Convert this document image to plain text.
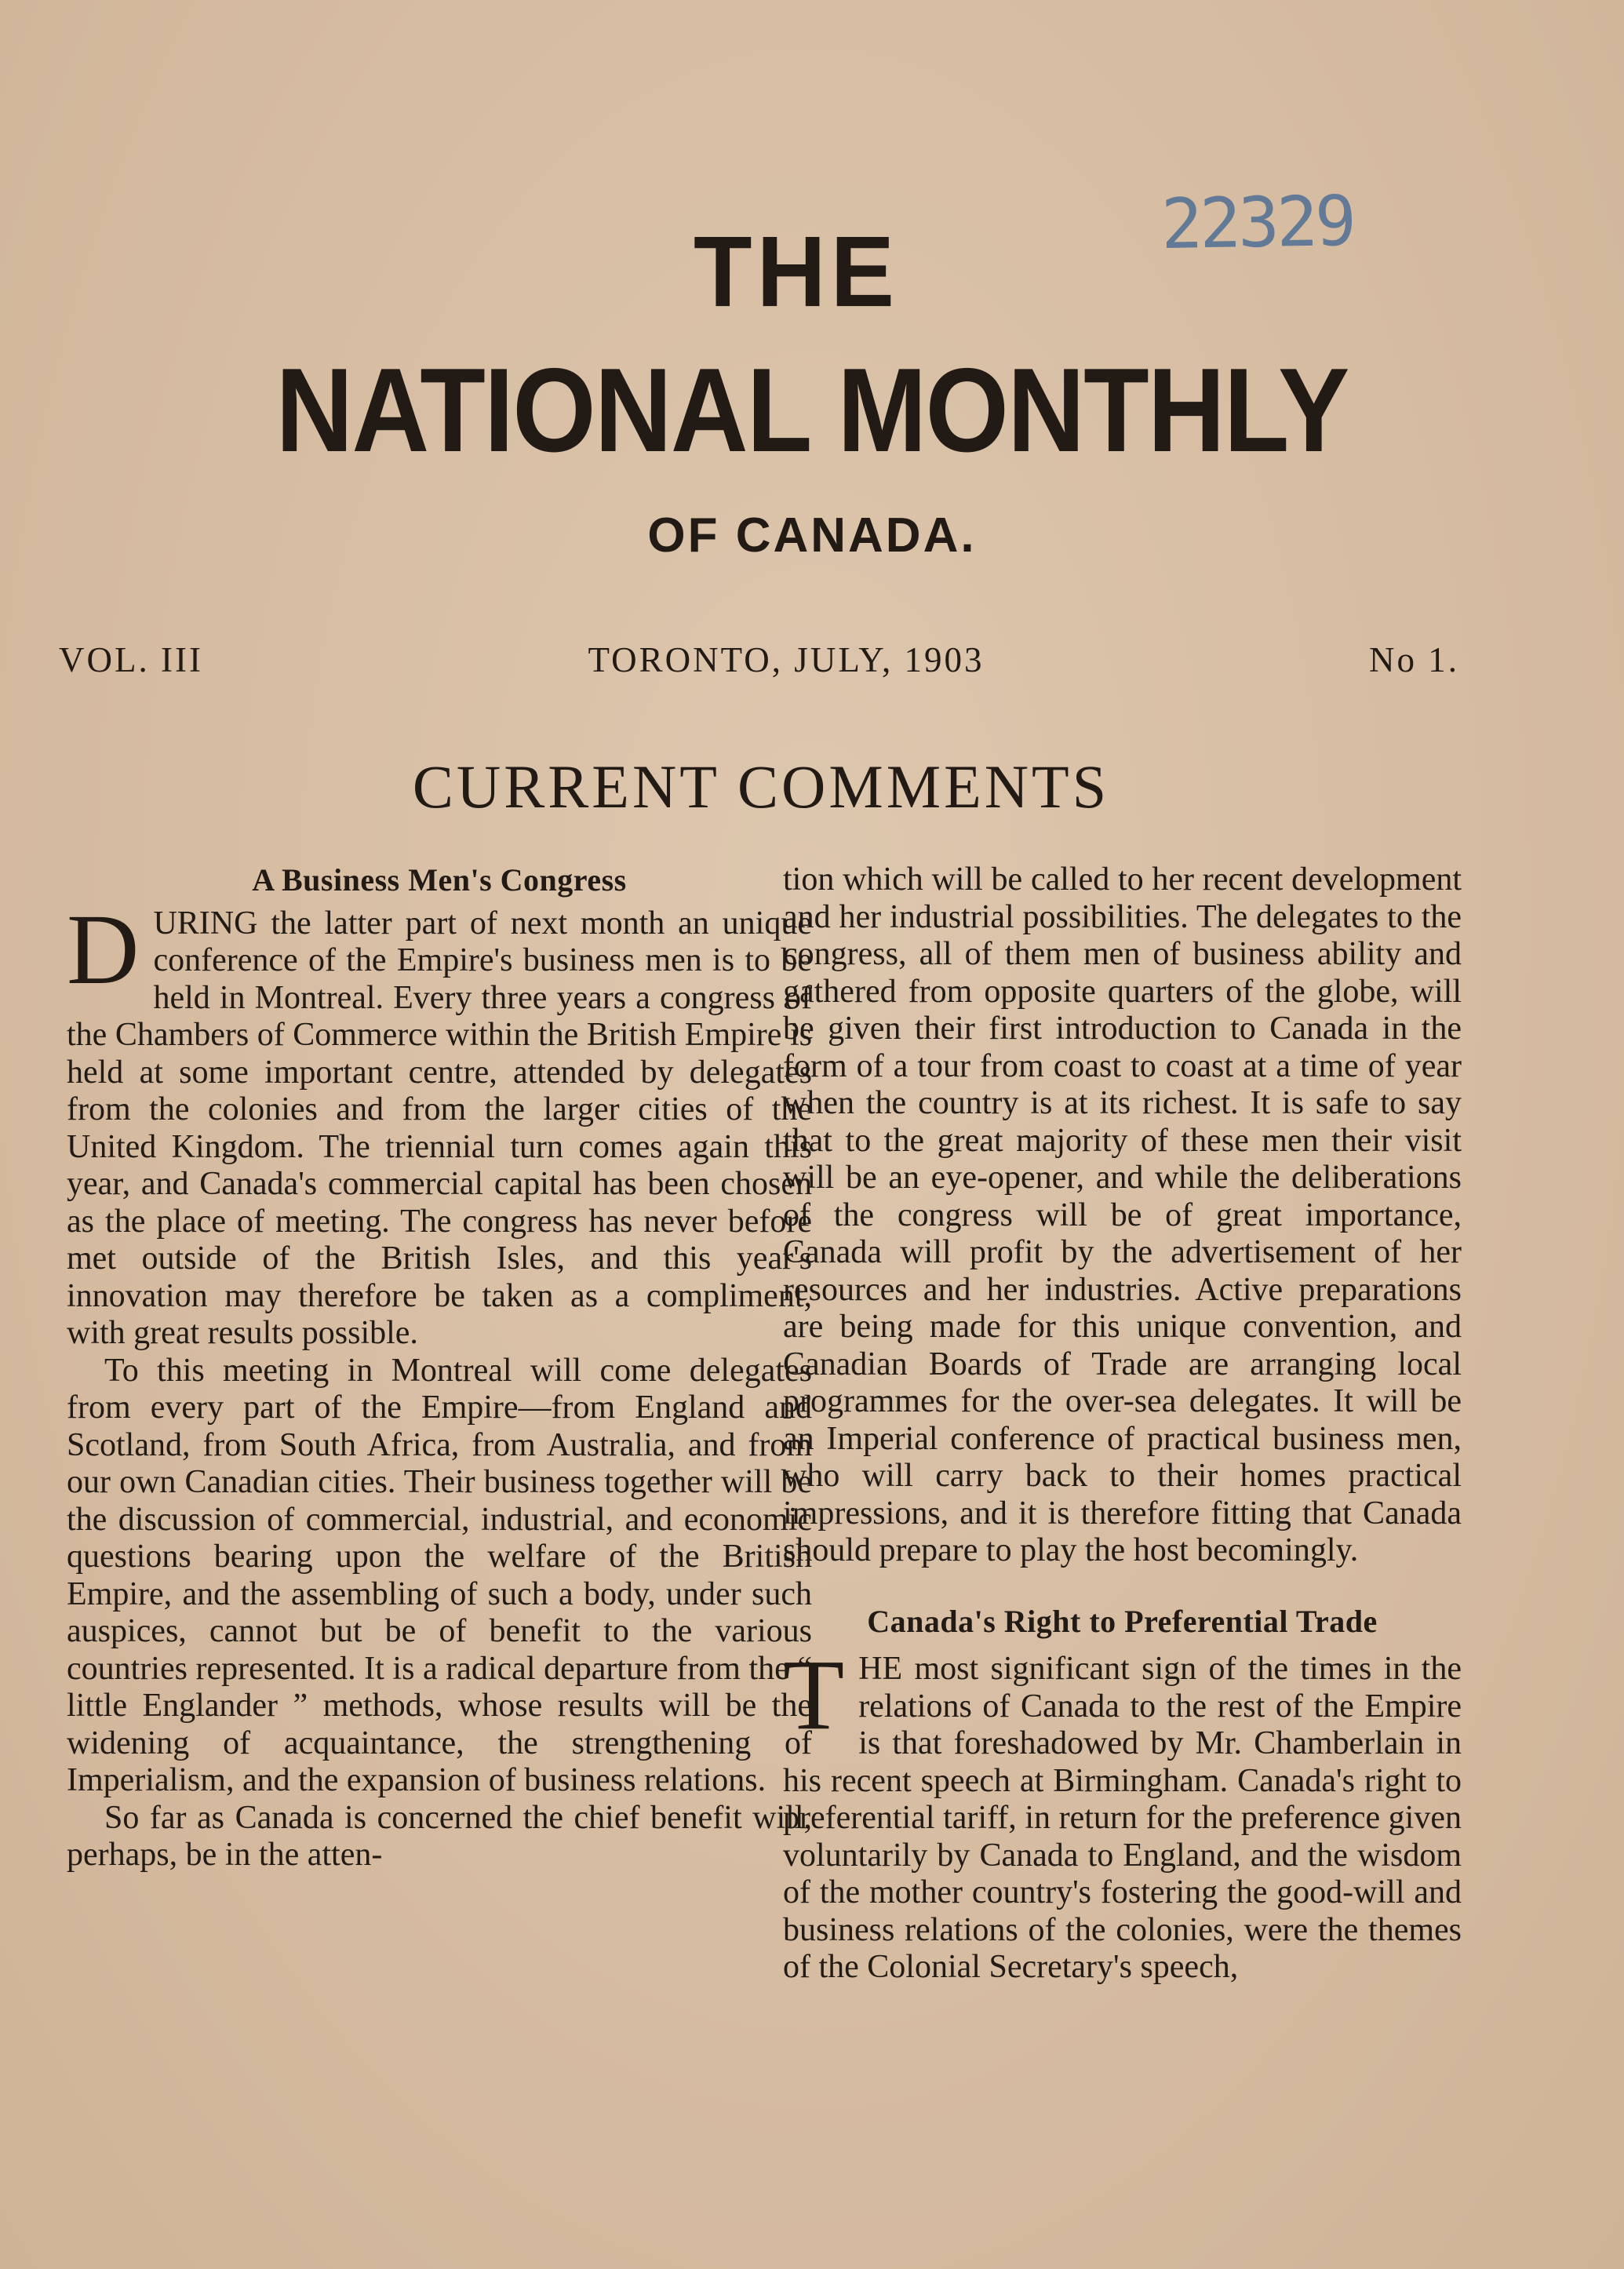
22329
THE
NATIONAL MONTHLY
OF CANADA.
VOL. III	TORONTO, JULY, 1903	No 1.
CURRENT COMMENTS
A Business Men's Congress

DURING the latter part of next month an unique conference of the Empire's business men is to be held in Montreal. Every three years a congress of the Chambers of Commerce within the British Empire is held at some important centre, attended by delegates from the colonies and from the larger cities of the United Kingdom. The triennial turn comes again this year, and Canada's commercial capital has been chosen as the place of meeting. The congress has never before met outside of the British Isles, and this year's innovation may therefore be taken as a compliment, with great results possible.

To this meeting in Montreal will come delegates from every part of the Empire—from England and Scotland, from South Africa, from Australia, and from our own Canadian cities. Their business together will be the discussion of commercial, industrial, and economic questions bearing upon the welfare of the British Empire, and the assembling of such a body, under such auspices, cannot but be of benefit to the various countries represented. It is a radical departure from the “ little Englander ” methods, whose results will be the widening of acquaintance, the strengthening of Imperialism, and the expansion of business relations.

So far as Canada is concerned the chief benefit will, perhaps, be in the atten-

tion which will be called to her recent development and her industrial possibilities. The delegates to the congress, all of them men of business ability and gathered from opposite quarters of the globe, will be given their first introduction to Canada in the form of a tour from coast to coast at a time of year when the country is at its richest. It is safe to say that to the great majority of these men their visit will be an eye-opener, and while the deliberations of the congress will be of great importance, Canada will profit by the advertisement of her resources and her industries. Active preparations are being made for this unique convention, and Canadian Boards of Trade are arranging local programmes for the over-sea delegates. It will be an Imperial conference of practical business men, who will carry back to their homes practical impressions, and it is therefore fitting that Canada should prepare to play the host becomingly.

Canada's Right to Preferential Trade

THE most significant sign of the times in the relations of Canada to the rest of the Empire is that foreshadowed by Mr. Chamberlain in his recent speech at Birmingham. Canada's right to preferential tariff, in return for the preference given voluntarily by Canada to England, and the wisdom of the mother country's fostering the good-will and business relations of the colonies, were the themes of the Colonial Secretary's speech,
